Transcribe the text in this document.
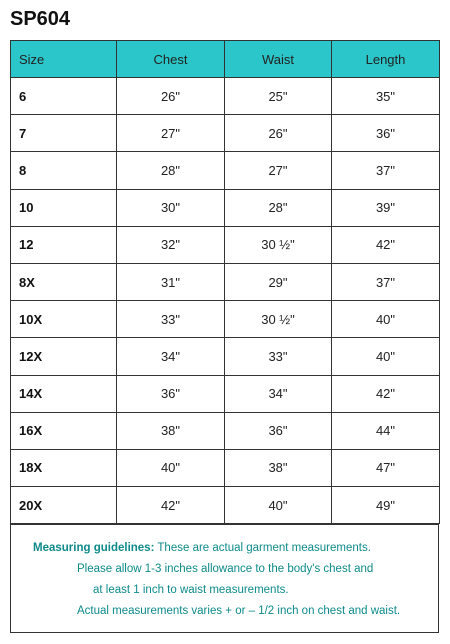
SP604
Size	Chest	Waist	Length
6	26"	25"	35"
7	27"	26"	36"
8	28"	27"	37"
10	30"	28"	39"
12	32"	30 ½"	42"
8X	31"	29"	37"
10X	33"	30 ½"	40"
12X	34"	33"	40"
14X	36"	34"	42"
16X	38"	36"	44"
18X	40"	38"	47"
20X	42"	40"	49"
Measuring guidelines: These are actual garment measurements.
Please allow 1-3 inches allowance to the body's chest and
at least 1 inch to waist measurements.
Actual measurements varies + or – 1/2 inch on chest and waist.
